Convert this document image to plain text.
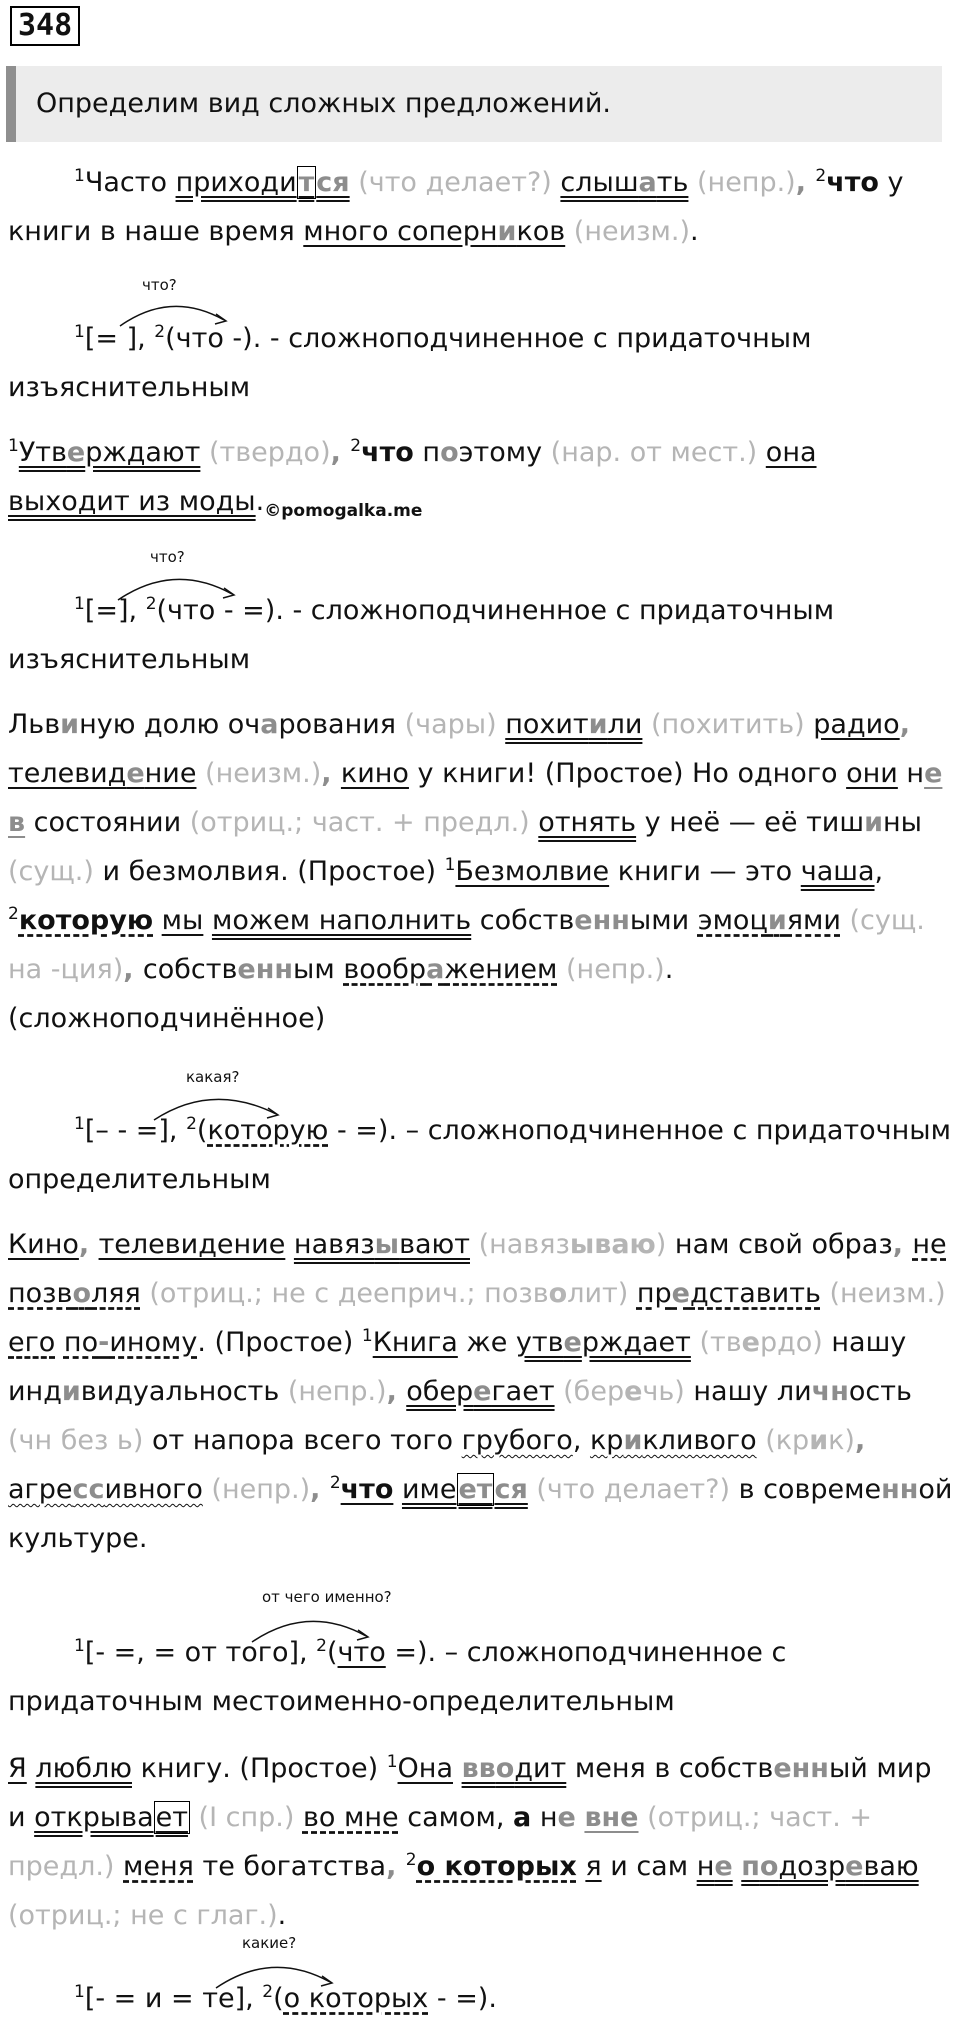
348
Определим вид сложных предложений.
$^1$Часто приходится (что делает?) слышать (непр.), $^2$что у книги в наше время много соперников (неизм.).
что?
$^1$[= ], $^2$(что -). - сложноподчиненное с придаточным изъяснительным
$^1$Утверждают (твердо), $^2$что поэтому (нар. от мест.) она
выходит из $моды._{©pomogalka.me}$
что?
$^1$[=], $^2$(что - =). - сложноподчиненное с придаточным изъяснительным
Львиную долю очарования (чары) похитили (похитить) радио, телевидение (неизм.), кино у книги! (Простое) Но одного они не в состоянии (отриц.; част. + предл.) отнять у неё — её тишины (сущ.) и безмолвия. (Простое) $^1$Безмолвие книги — это чаша, $^2$которую мы можем наполнить собственными эмоциями (сущ. на -ция), собственным воображением (непр.). (сложноподчинённое)
какая?
$^1$[– - =], $^2$(которую - =). – сложноподчиненное с придаточным определительным
Кино, телевидение навязывают (навязываю) нам свой образ, не позволяя (отриц.; не с дееприч.; позволит) представить (неизм.) его по-иному. (Простое) $^1$Книга же утверждает (твердо) нашу индивидуальность (непр.), оберегает (беречь) нашу личность (чн без ь) от напора всего того грубого, крикливого (крик), агрессивного (непр.), $^2$что имеется (что делает?) в современной культуре.
от чего именно?
$^1$[- =, = от того], $^2$(что =). – сложноподчиненное с придаточным местоименно-определительным
Я люблю книгу. (Простое) $^1$Она вводит меня в собственный мир и открывает (I спр.) во мне самом, а не вне (отриц.; част. + предл.) меня те богатства, $^2$о которых я и сам не подозреваю (отриц.; не с глаг.).
какие?
$^1$[- = и = те], $^2$(о которых - =).
